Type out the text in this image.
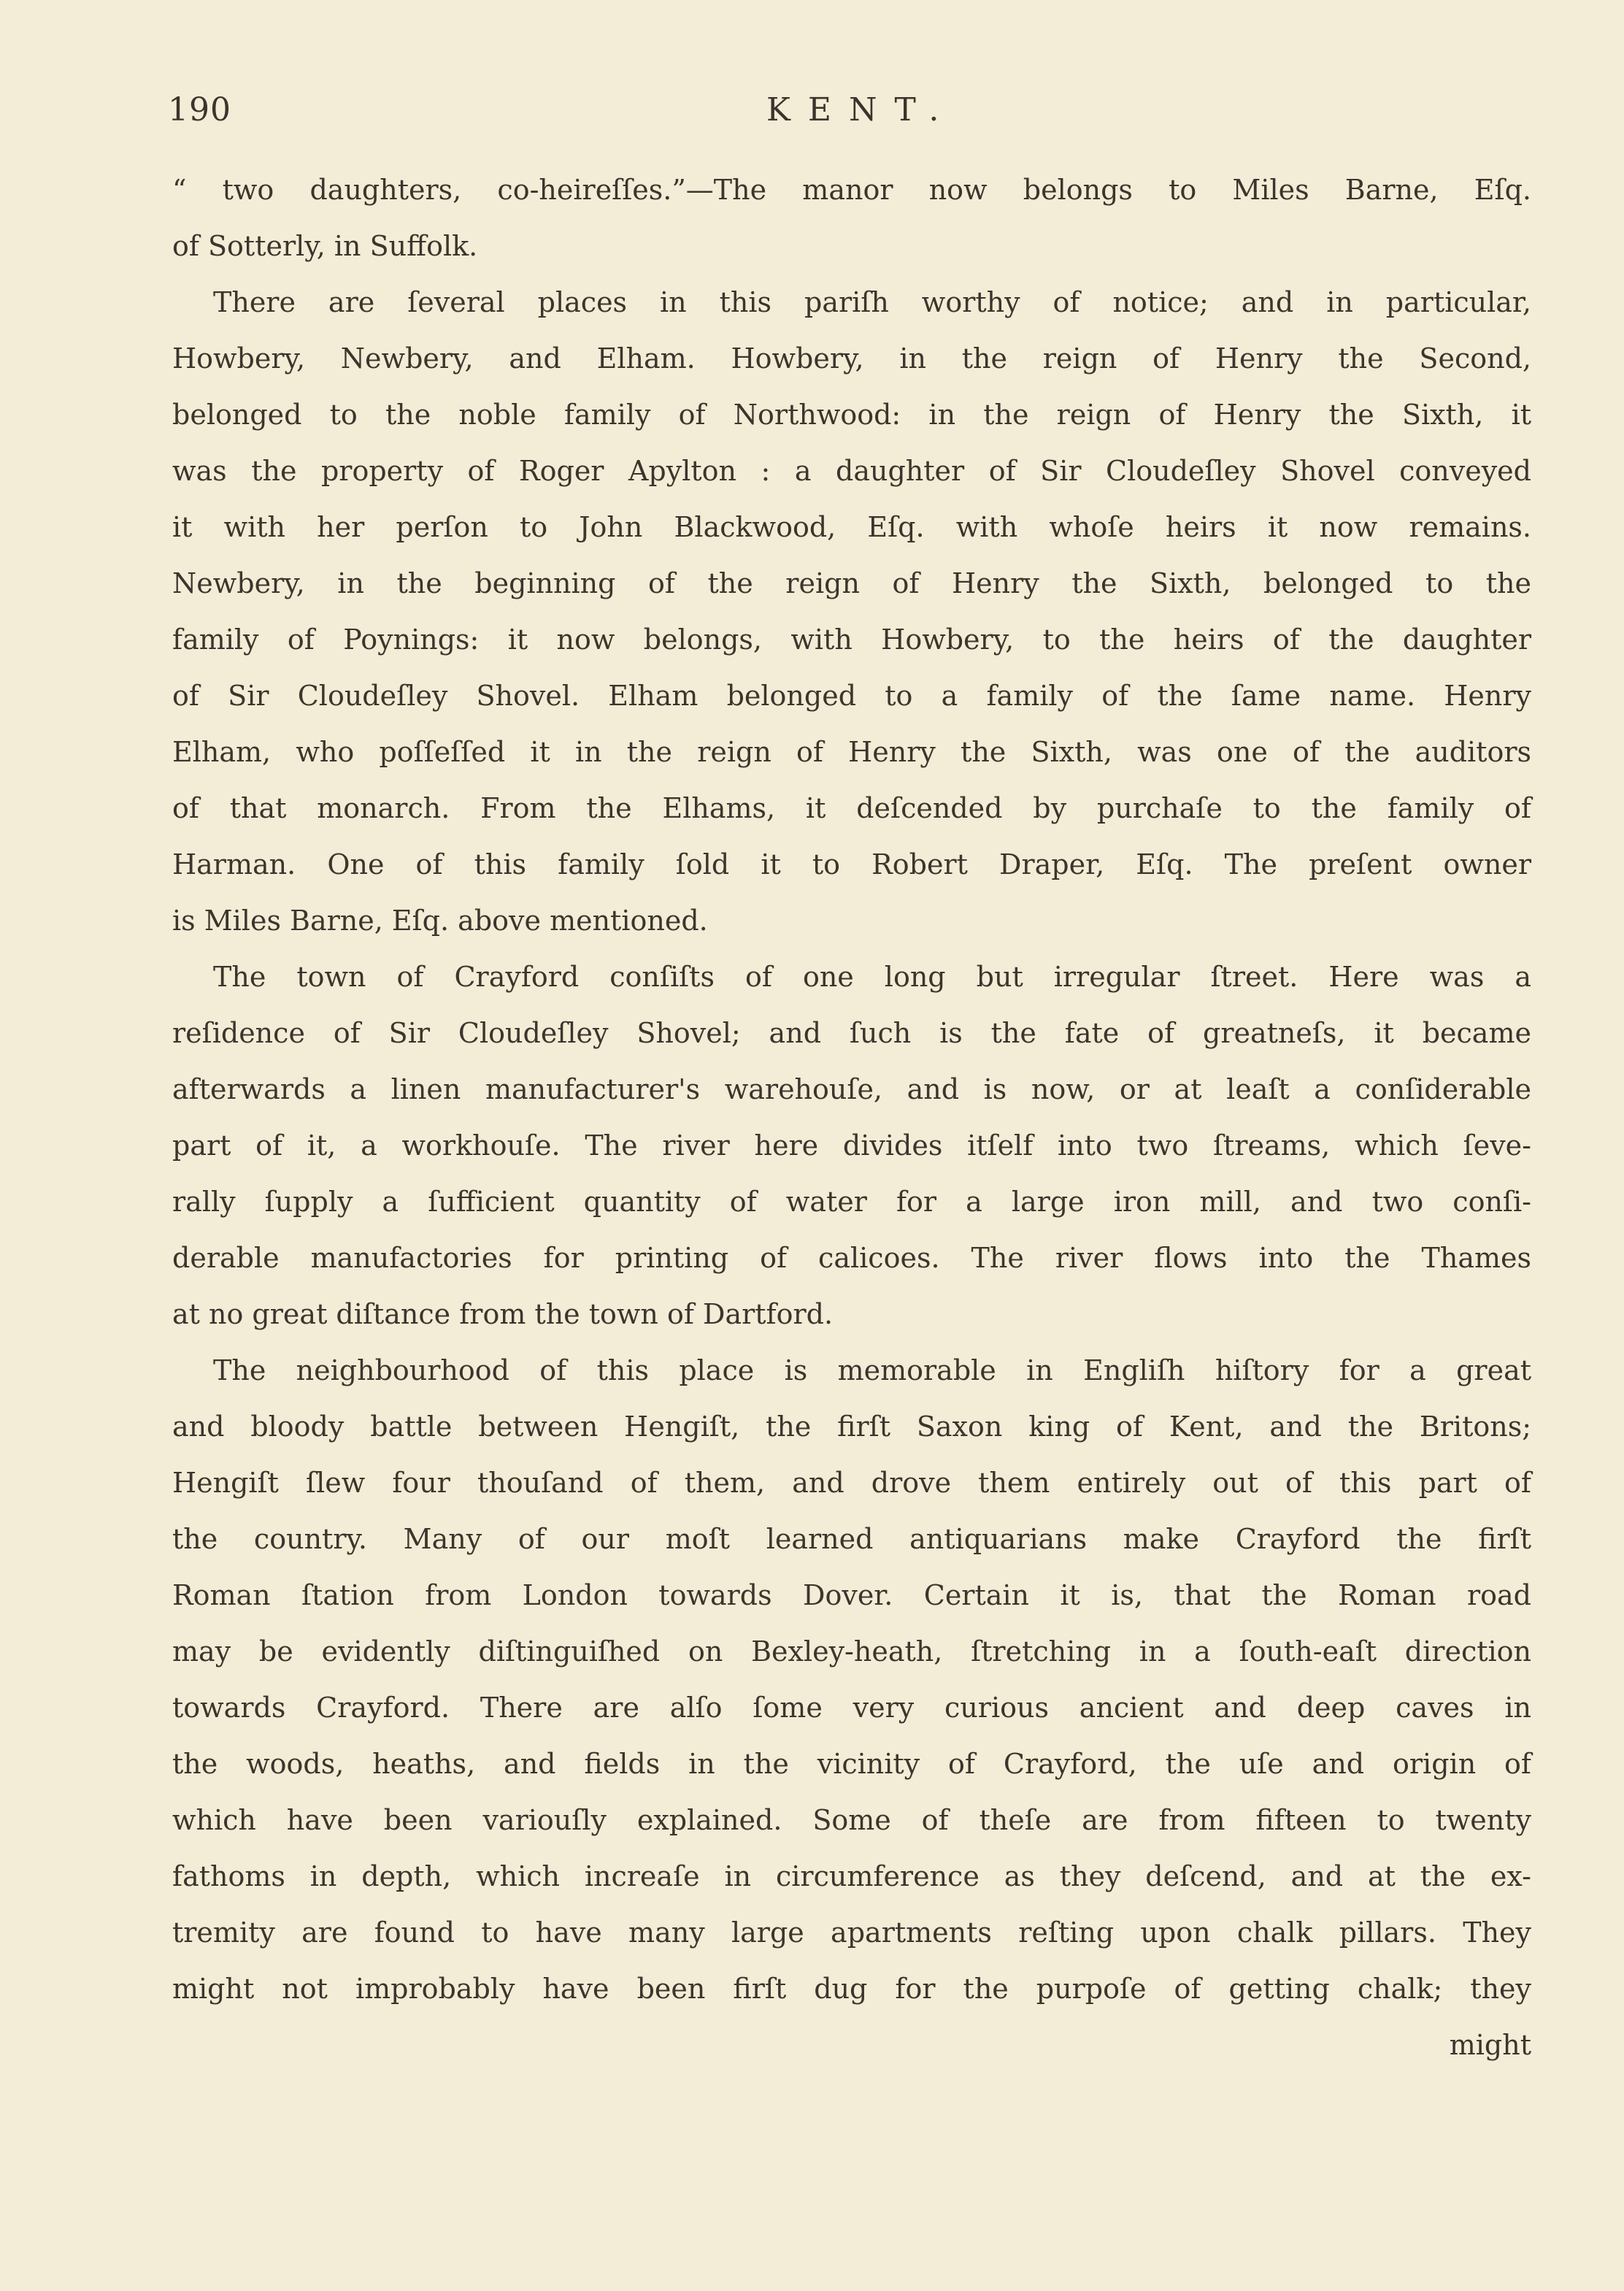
190	KENT.
“ two daughters, co-heireſſes.”—The manor now belongs to Miles Barne, Eſq.
of Sotterly, in Suffolk.
There are ſeveral places in this pariſh worthy of notice; and in particular,
Howbery, Newbery, and Elham. Howbery, in the reign of Henry the Second,
belonged to the noble family of Northwood: in the reign of Henry the Sixth, it
was the property of Roger Apylton : a daughter of Sir Cloudeſley Shovel conveyed
it with her perſon to John Blackwood, Eſq. with whoſe heirs it now remains.
Newbery, in the beginning of the reign of Henry the Sixth, belonged to the
family of Poynings: it now belongs, with Howbery, to the heirs of the daughter
of Sir Cloudeſley Shovel. Elham belonged to a family of the ſame name. Henry
Elham, who poſſeſſed it in the reign of Henry the Sixth, was one of the auditors
of that monarch. From the Elhams, it deſcended by purchaſe to the family of
Harman. One of this family ſold it to Robert Draper, Eſq. The preſent owner
is Miles Barne, Eſq. above mentioned.
The town of Crayford conſiſts of one long but irregular ſtreet. Here was a
reſidence of Sir Cloudeſley Shovel; and ſuch is the fate of greatneſs, it became
afterwards a linen manufacturer's warehouſe, and is now, or at leaſt a conſiderable
part of it, a workhouſe. The river here divides itſelf into two ſtreams, which ſeve-
rally ſupply a ſufficient quantity of water for a large iron mill, and two conſi-
derable manufactories for printing of calicoes. The river flows into the Thames
at no great diſtance from the town of Dartford.
The neighbourhood of this place is memorable in Engliſh hiſtory for a great
and bloody battle between Hengiſt, the firſt Saxon king of Kent, and the Britons;
Hengiſt ſlew four thouſand of them, and drove them entirely out of this part of
the country. Many of our moſt learned antiquarians make Crayford the firſt
Roman ſtation from London towards Dover. Certain it is, that the Roman road
may be evidently diſtinguiſhed on Bexley-heath, ſtretching in a ſouth-eaſt direction
towards Crayford. There are alſo ſome very curious ancient and deep caves in
the woods, heaths, and fields in the vicinity of Crayford, the uſe and origin of
which have been variouſly explained. Some of theſe are from fifteen to twenty
fathoms in depth, which increaſe in circumference as they deſcend, and at the ex-
tremity are found to have many large apartments reſting upon chalk pillars. They
might not improbably have been firſt dug for the purpoſe of getting chalk; they
might
